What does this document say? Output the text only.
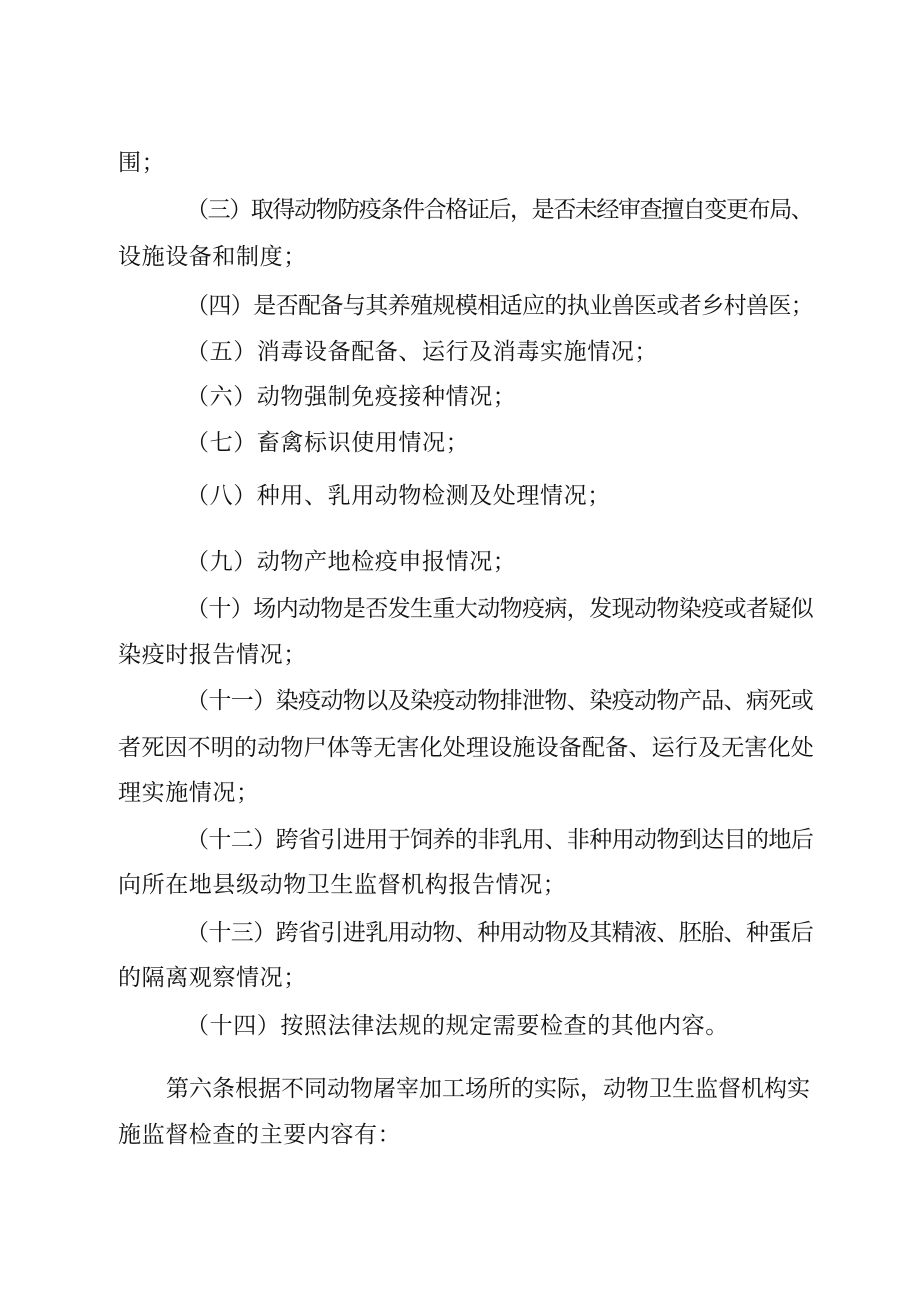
围；
（三）取得动物防疫条件合格证后，是否未经审查擅自变更布局、
设施设备和制度；
（四）是否配备与其养殖规模相适应的执业兽医或者乡村兽医；
（五）消毒设备配备、运行及消毒实施情况；
（六）动物强制免疫接种情况；
（七）畜禽标识使用情况；
（八）种用、乳用动物检测及处理情况；
（九）动物产地检疫申报情况；
（十）场内动物是否发生重大动物疫病，发现动物染疫或者疑似
染疫时报告情况；
（十一）染疫动物以及染疫动物排泄物、染疫动物产品、病死或
者死因不明的动物尸体等无害化处理设施设备配备、运行及无害化处
理实施情况；
（十二）跨省引进用于饲养的非乳用、非种用动物到达目的地后
向所在地县级动物卫生监督机构报告情况；
（十三）跨省引进乳用动物、种用动物及其精液、胚胎、种蛋后
的隔离观察情况；
（十四）按照法律法规的规定需要检查的其他内容。
第六条根据不同动物屠宰加工场所的实际，动物卫生监督机构实
施监督检查的主要内容有：
